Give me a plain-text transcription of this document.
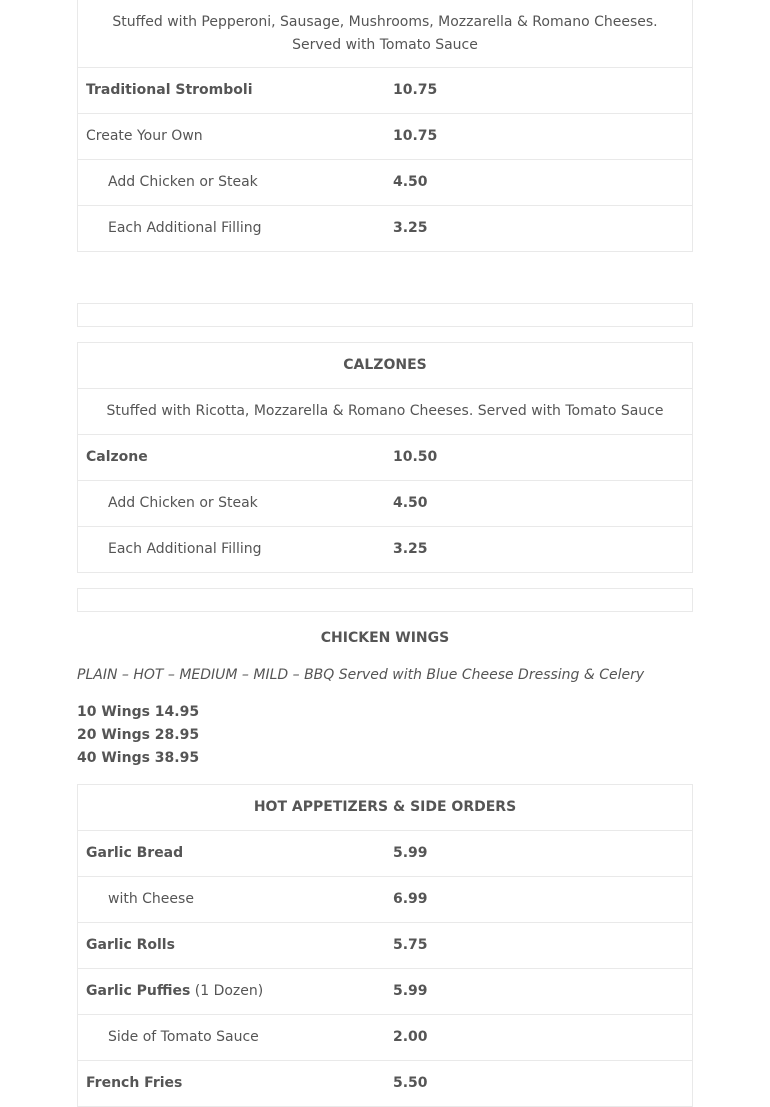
Stuffed with Pepperoni, Sausage, Mushrooms, Mozzarella & Romano Cheeses. Served with Tomato Sauce	
Traditional Stromboli	10.75
Create Your Own	10.75
Add Chicken or Steak	4.50
Each Additional Filling	3.25
CALZONES	
Stuffed with Ricotta, Mozzarella & Romano Cheeses. Served with Tomato Sauce	
Calzone	10.50
Add Chicken or Steak	4.50
Each Additional Filling	3.25
CHICKEN WINGS
PLAIN – HOT – MEDIUM – MILD – BBQ Served with Blue Cheese Dressing & Celery
10 Wings 14.95
20 Wings 28.95
40 Wings 38.95
HOT APPETIZERS & SIDE ORDERS	
Garlic Bread	5.99
with Cheese	6.99
Garlic Rolls	5.75
Garlic Puffies (1 Dozen)	5.99
Side of Tomato Sauce	2.00
French Fries	5.50
